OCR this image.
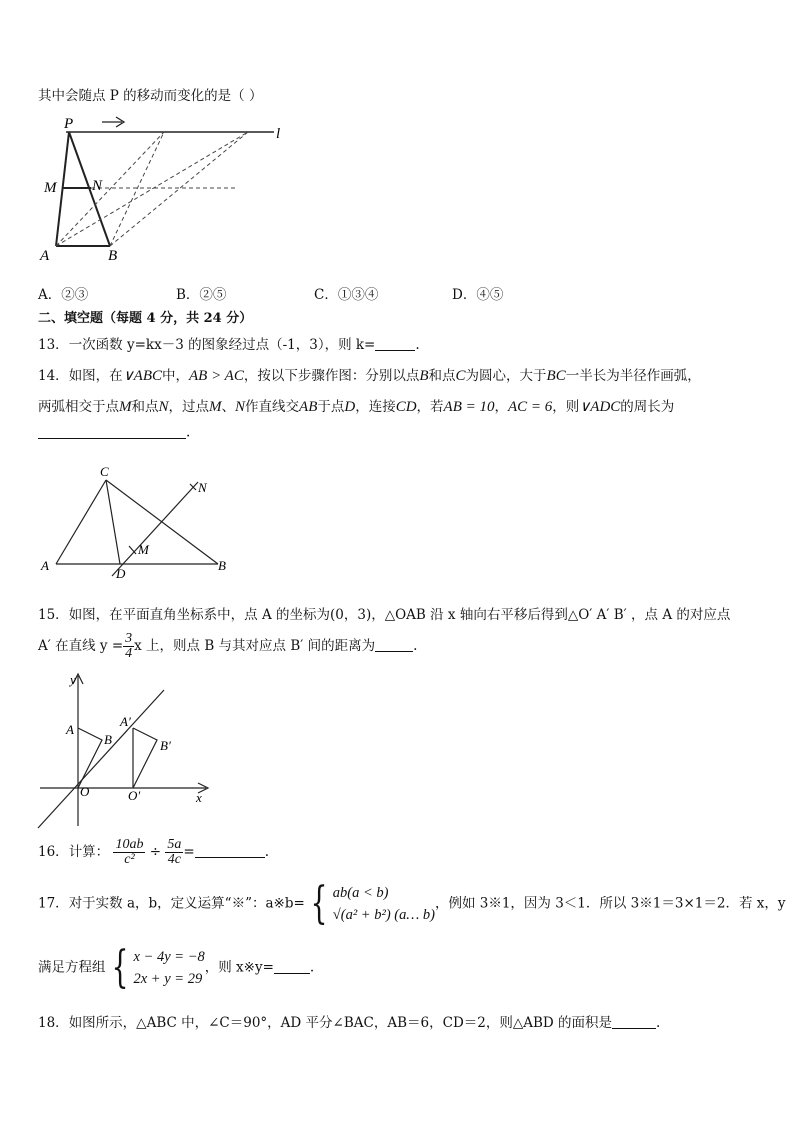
其中会随点 P 的移动而变化的是（ ）
P
M N
A	B
l
A．②③	B．②⑤	C．①③④	D．④⑤
二、填空题（每题 4 分，共 24 分）
13．一次函数 y=kx－3 的图象经过点（-1，3），则 k=	.
14．如图，在∨ABC中，AB > AC，按以下步骤作图：分别以点B和点C为圆心，大于BC一半长为半径作画弧，
两弧相交于点M和点N，过点M、N作直线交AB于点D，连接CD，若AB = 10，AC = 6，则∨ADC的周长为
.
C
N
M
A
D
B
15．如图，在平面直角坐标系中，点 A 的坐标为(0，3)，△OAB 沿 x 轴向右平移后得到△O′ A′ B′ ，点 A 的对应点
A′ 在直线 $y = \frac{3}{4}$ x 上，则点 B 与其对应点 B′ 间的距离为	.
y
x
A
B
A′
B′
O	O′
16．计算： $\frac{10ab}{\text{c²}} \div \frac{5a}{4c}$ =	.
17．对于实数 a，b，定义运算“※”：a※b= { ab(a < b)
√(a² + b²) (a… b)
，例如 3※1，因为 3＜1．所以 3※1＝3×1＝2．若 x，y
满足方程组 { x − 4y = −8
2x + y = 29
，则 x※y=	.
18．如图所示，△ABC 中，∠C＝90°，AD 平分∠BAC，AB＝6，CD＝2，则△ABD 的面积是	.
